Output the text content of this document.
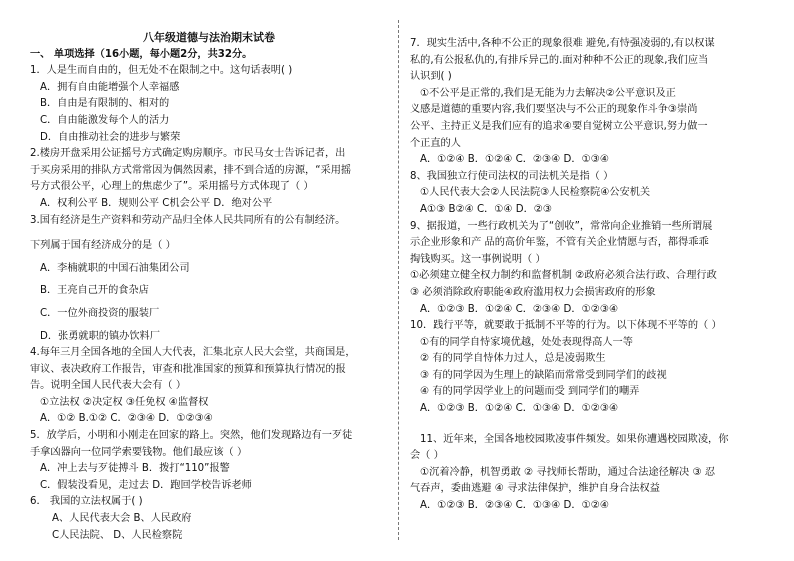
八年级道德与法治期末试卷
一、 单项选择（16小题，每小题2分，共32分。
1．人是生而自由的，但无处不在限制之中。这句话表明( )
A．拥有自由能增强个人幸福感
B．自由是有限制的、相对的
C．自由能激发每个人的活力
D．自由推动社会的进步与繁荣
2.楼房开盘采用公证摇号方式确定购房顺序。市民马女士告诉记者，出
于买房采用的排队方式常常因为偶然因素，排不到合适的房源，“采用摇
号方式很公平，心理上的焦虑少了”。采用摇号方式体现了（ ）
A．权利公平 B．规则公平 C机会公平 D．绝对公平
3.国有经济是生产资料和劳动产品归全体人民共同所有的公有制经济。
下列属于国有经济成分的是（ ）
A．李楠就职的中国石油集团公司
B．王亮自己开的食杂店
C．一位外商投资的服装厂
D．张勇就职的镇办饮料厂
4.每年三月全国各地的全国人大代表，汇集北京人民大会堂，共商国是，
审议、表决政府工作报告，审查和批准国家的预算和预算执行情况的报
告。说明全国人民代表大会有（ ）
①立法权 ②决定权 ③任免权 ④监督权
A．①② B.①② C．②③④ D．①②③④
5．放学后，小明和小刚走在回家的路上。突然，他们发现路边有一歹徒
手拿凶器向一位同学索要钱物。他们最应该（ ）
A．冲上去与歹徒搏斗 B．拨打“110”报警
C．假装没看见，走过去 D．跑回学校告诉老师
6． 我国的立法权属于( )
A、人民代表大会 B、人民政府
C人民法院、 D、人民检察院
7．现实生活中,各种不公正的现象很难 避免,有恃强凌弱的,有以权谋
私的,有公报私仇的,有排斥异己的.面对种种不公正的现象,我们应当
认识到( )
①不公平是正常的,我们是无能为力去解决②公平意识及正
义感是道德的重要内容,我们要坚决与不公正的现象作斗争③崇尚
公平、主持正义是我们应有的追求④要自觉树立公平意识,努力做一
个正直的人
A．①②④ B．①②④ C．②③④ D．①③④
8、我国独立行使司法权的司法机关是指（ ）
①人民代表大会②人民法院③人民检察院④公安机关
A①③ B②④ C．①④ D．②③
9、据报道，一些行政机关为了“创收”，常常向企业推销一些所谓展
示企业形象和产 品的高价年鉴，不管有关企业情愿与否，都得乖乖
掏钱购买。这一事例说明（ ）
①必须建立健全权力制约和监督机制 ②政府必须合法行政、合理行政
③ 必须消除政府职能④政府滥用权力会损害政府的形象
A．①②③ B．①②④ C．②③④ D．①②③④
10．践行平等，就要敢于抵制不平等的行为。以下体现不平等的（ ）
①有的同学自恃家境优越，处处表现得高人一等
② 有的同学自恃体力过人，总是凌弱欺生
③ 有的同学因为生理上的缺陷而常常受到同学们的歧视
④ 有的同学因学业上的问题而受 到同学们的嘲弄
A．①②③ B．①②④ C．①③④ D．①②③④
11、近年来，全国各地校园欺凌事件频发。如果你遭遇校园欺凌，你
会（ ）
①沉着冷静，机智勇敢 ② 寻找师长帮助，通过合法途径解决 ③ 忍
气吞声，委曲逃避 ④ 寻求法律保护，维护自身合法权益
A．①②③ B．②③④ C．①③④ D．①②④
